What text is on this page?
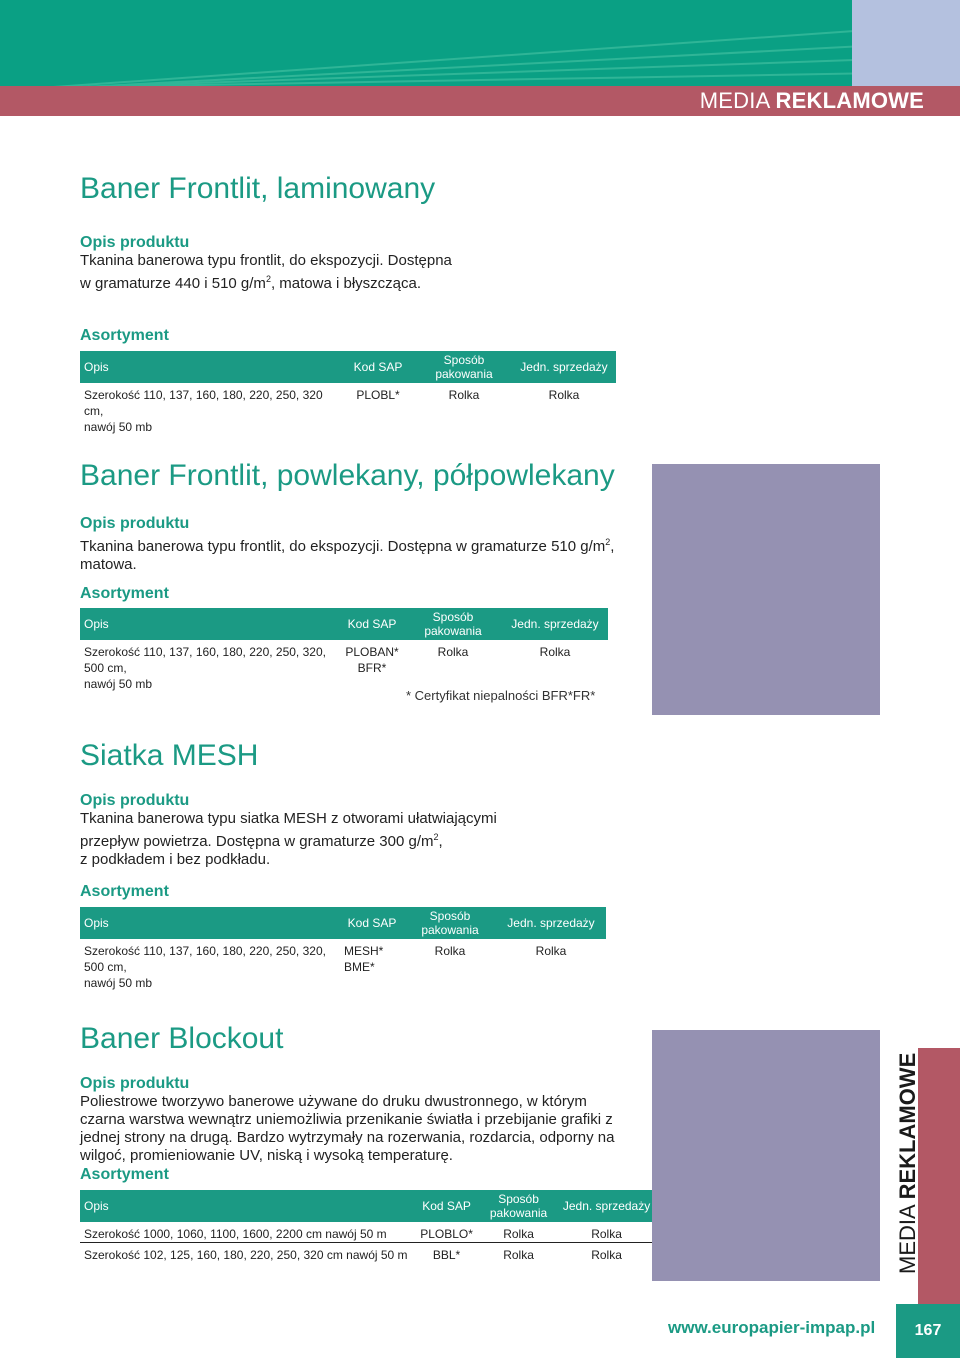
MEDIA REKLAMOWE
Baner Frontlit, laminowany
Opis produktu
Tkanina banerowa typu frontlit, do ekspozycji. Dostępna
w gramaturze 440 i 510 $g/m^2$, matowa i błyszcząca.
Asortyment
Opis	Kod SAP	Sposób pakowania	Jedn. sprzedaży
Szerokość 110, 137, 160, 180, 220, 250, 320 cm,
nawój 50 mb	PLOBL*	Rolka	Rolka
Baner Frontlit, powlekany, półpowlekany
Opis produktu
Tkanina banerowa typu frontlit, do ekspozycji. Dostępna w gramaturze 510 $g/m^2$,
matowa.
Asortyment
Opis	Kod SAP	Sposób pakowania	Jedn. sprzedaży
Szerokość 110, 137, 160, 180, 220, 250, 320, 500 cm,
nawój 50 mb	PLOBAN*
BFR*	Rolka	Rolka
* Certyfikat niepalności BFR*FR*
Siatka MESH
Opis produktu
Tkanina banerowa typu siatka MESH z otworami ułatwiającymi
przepływ powietrza. Dostępna w gramaturze 300 $g/m^2$,
z podkładem i bez podkładu.
Asortyment
Opis	Kod SAP	Sposób pakowania	Jedn. sprzedaży
Szerokość 110, 137, 160, 180, 220, 250, 320, 500 cm,
nawój 50 mb	MESH*
BME*	Rolka	Rolka
Baner Blockout
Opis produktu
Poliestrowe tworzywo banerowe używane do druku dwustronnego, w którym
czarna warstwa wewnątrz uniemożliwia przenikanie światła i przebijanie grafiki z
jednej strony na drugą. Bardzo wytrzymały na rozerwania, rozdarcia, odporny na
wilgoć, promieniowanie UV, niską i wysoką temperaturę.
Asortyment
Opis	Kod SAP	Sposób pakowania	Jedn. sprzedaży
Szerokość 1000, 1060, 1100, 1600, 2200 cm nawój 50 m	PLOBLO*	Rolka	Rolka
Szerokość 102, 125, 160, 180, 220, 250, 320 cm nawój 50 m	BBL*	Rolka	Rolka	MEDIA REKLAMOWE
www.europapier-impap.pl	167
